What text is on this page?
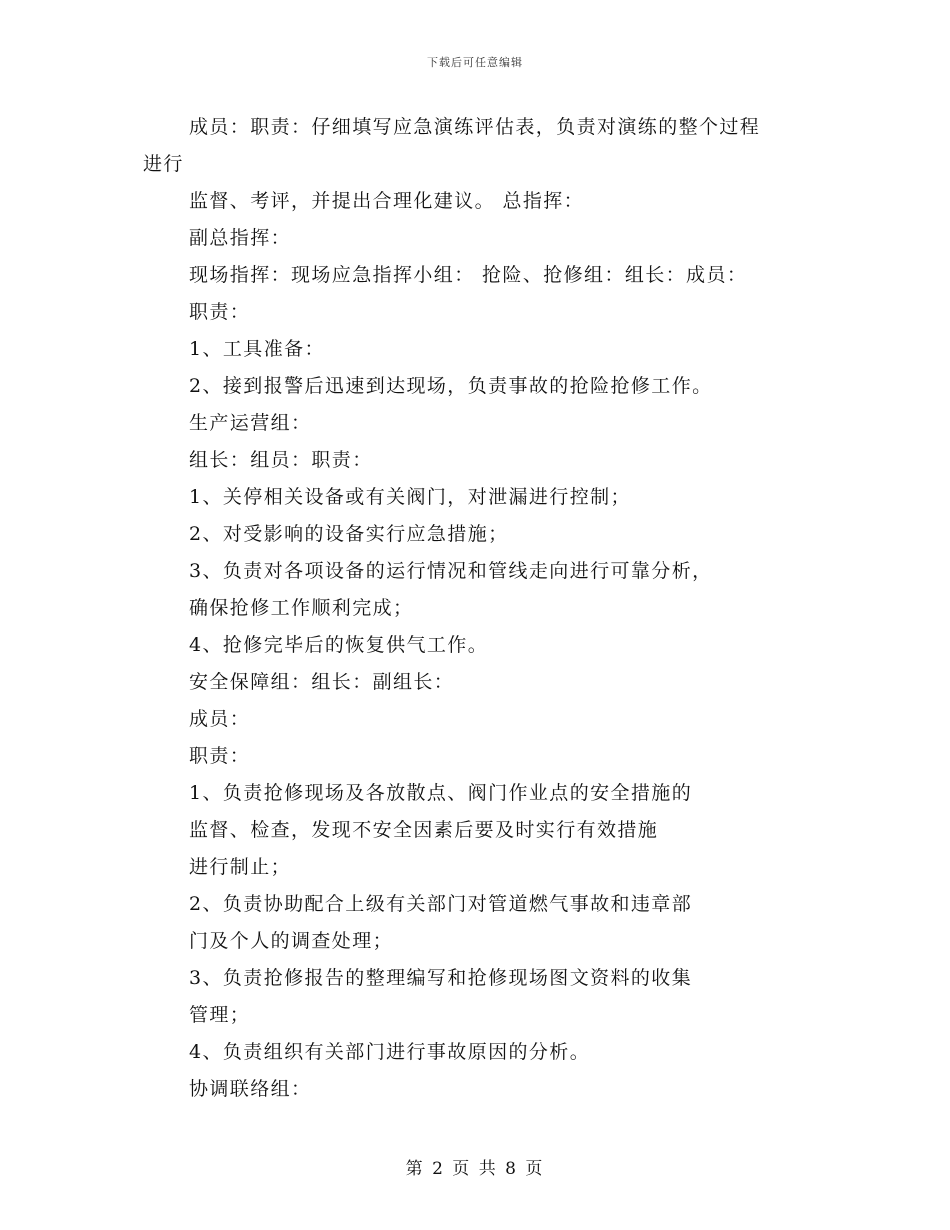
下载后可任意编辑
成员：职责：仔细填写应急演练评估表，负责对演练的整个过程
进行
监督、考评，并提出合理化建议。 总指挥：
副总指挥：
现场指挥：现场应急指挥小组： 抢险、抢修组：组长：成员：
职责：
1、工具准备：
2、接到报警后迅速到达现场，负责事故的抢险抢修工作。
生产运营组：
组长：组员：职责：
1、关停相关设备或有关阀门，对泄漏进行控制；
2、对受影响的设备实行应急措施；
3、负责对各项设备的运行情况和管线走向进行可靠分析，
确保抢修工作顺利完成；
4、抢修完毕后的恢复供气工作。
安全保障组：组长：副组长：
成员：
职责：
1、负责抢修现场及各放散点、阀门作业点的安全措施的
监督、检查，发现不安全因素后要及时实行有效措施
进行制止；
2、负责协助配合上级有关部门对管道燃气事故和违章部
门及个人的调查处理；
3、负责抢修报告的整理编写和抢修现场图文资料的收集
管理；
4、负责组织有关部门进行事故原因的分析。
协调联络组：
第 2 页 共 8 页
